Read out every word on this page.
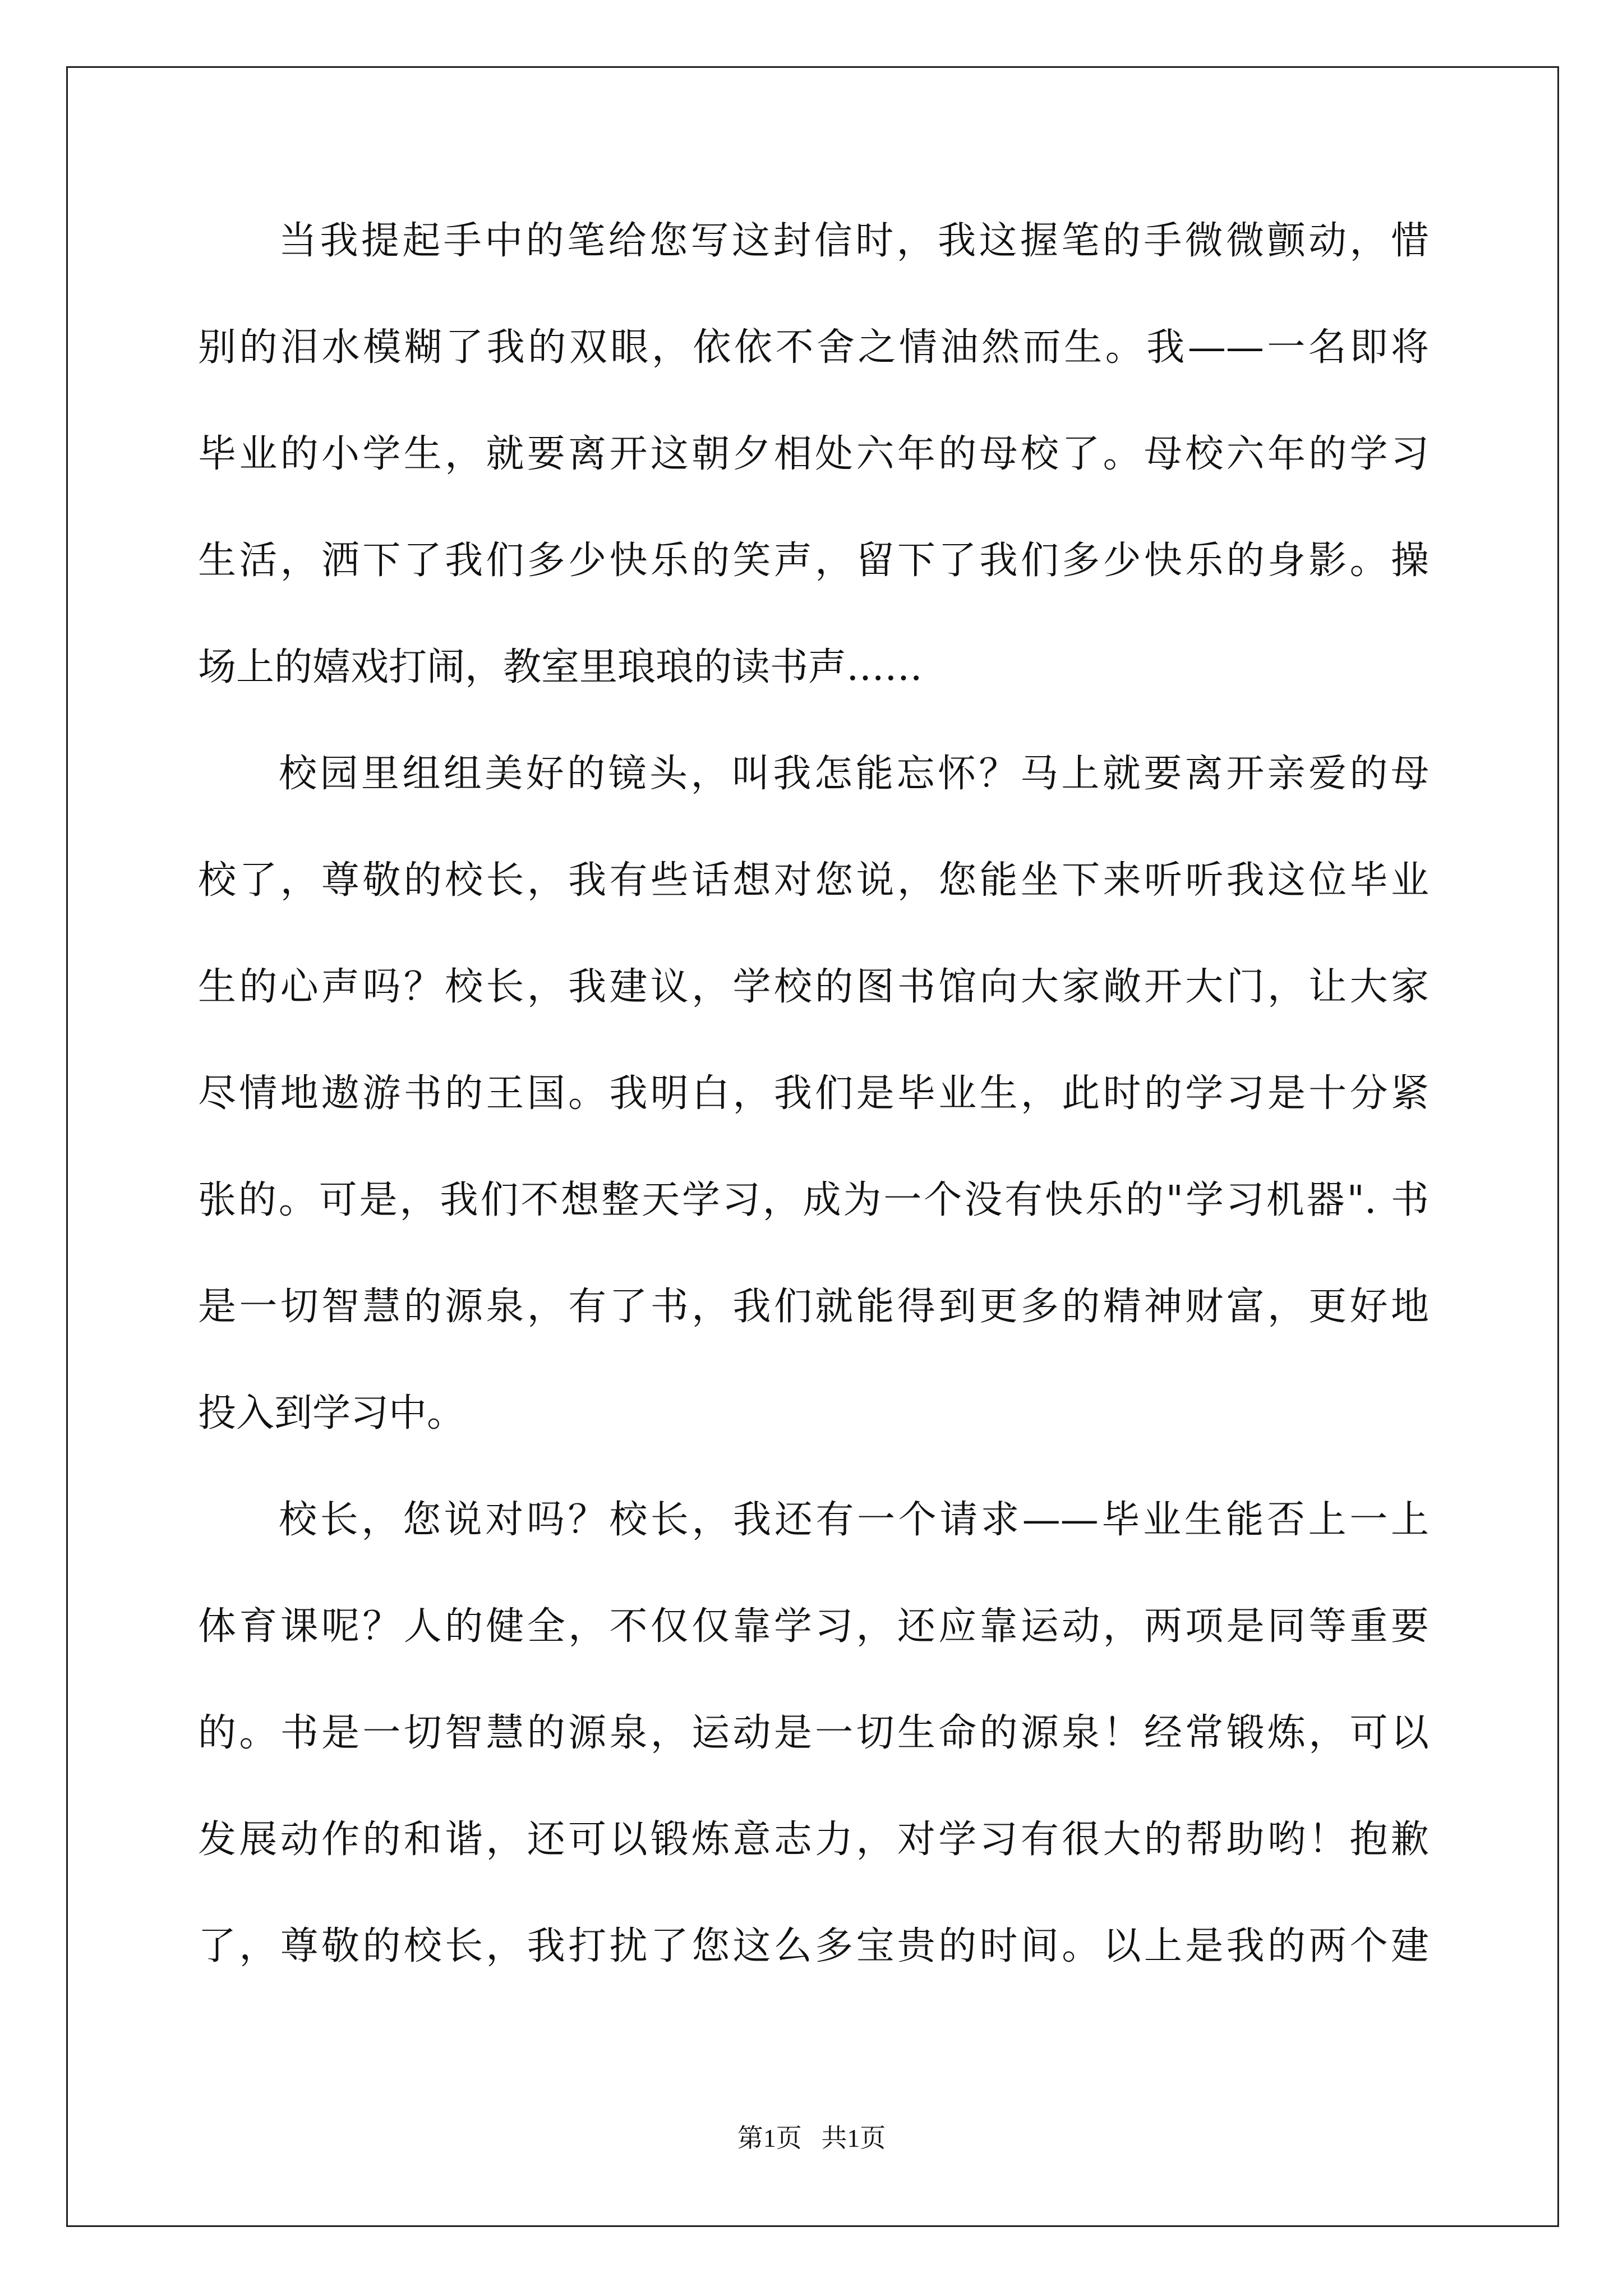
当我提起手中的笔给您写这封信时，我这握笔的手微微颤动，惜
别的泪水模糊了我的双眼，依依不舍之情油然而生。我——一名即将
毕业的小学生，就要离开这朝夕相处六年的母校了。母校六年的学习
生活，洒下了我们多少快乐的笑声，留下了我们多少快乐的身影。操
场上的嬉戏打闹，教室里琅琅的读书声……
校园里组组美好的镜头，叫我怎能忘怀？马上就要离开亲爱的母
校了，尊敬的校长，我有些话想对您说，您能坐下来听听我这位毕业
生的心声吗？校长，我建议，学校的图书馆向大家敞开大门，让大家
尽情地遨游书的王国。我明白，我们是毕业生，此时的学习是十分紧
张的。可是，我们不想整天学习，成为一个没有快乐的"学习机器". 书
是一切智慧的源泉，有了书，我们就能得到更多的精神财富，更好地
投入到学习中。
校长，您说对吗？校长，我还有一个请求——毕业生能否上一上
体育课呢？人的健全，不仅仅靠学习，还应靠运动，两项是同等重要
的。书是一切智慧的源泉，运动是一切生命的源泉！经常锻炼，可以
发展动作的和谐，还可以锻炼意志力，对学习有很大的帮助哟！抱歉
了，尊敬的校长，我打扰了您这么多宝贵的时间。以上是我的两个建
第1页   共1页
